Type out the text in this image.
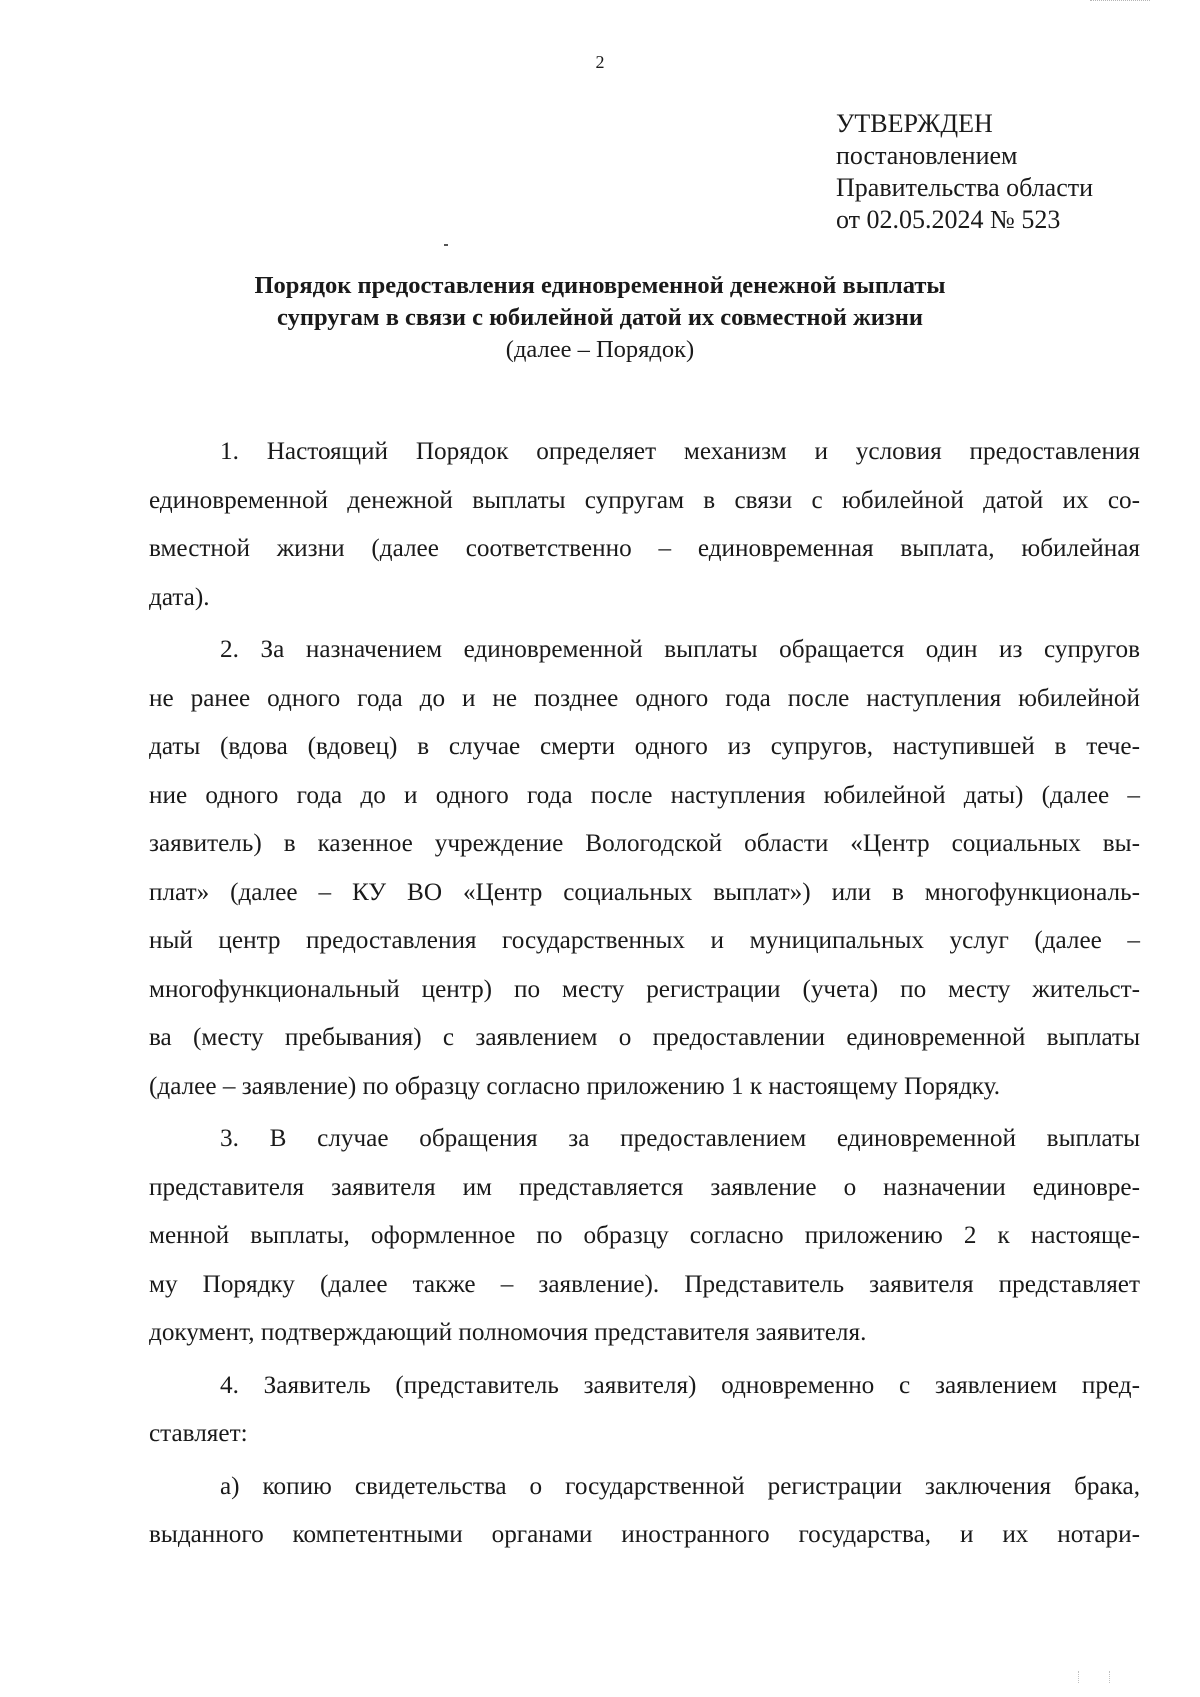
2
УТВЕРЖДЕН
постановлением
Правительства области
от 02.05.2024 № 523
Порядок предоставления единовременной денежной выплаты
супругам в связи с юбилейной датой их совместной жизни
(далее – Порядок)
1. Настоящий Порядок определяет механизм и условия предоставления
единовременной денежной выплаты супругам в связи с юбилейной датой их со-
вместной жизни (далее соответственно – единовременная выплата, юбилейная
дата).
2. За назначением единовременной выплаты обращается один из супругов
не ранее одного года до и не позднее одного года после наступления юбилейной
даты (вдова (вдовец) в случае смерти одного из супругов, наступившей в тече-
ние одного года до и одного года после наступления юбилейной даты) (далее –
заявитель) в казенное учреждение Вологодской области «Центр социальных вы-
плат» (далее – КУ ВО «Центр социальных выплат») или в многофункциональ-
ный центр предоставления государственных и муниципальных услуг (далее –
многофункциональный центр) по месту регистрации (учета) по месту жительст-
ва (месту пребывания) с заявлением о предоставлении единовременной выплаты
(далее – заявление) по образцу согласно приложению 1 к настоящему Порядку.
3. В случае обращения за предоставлением единовременной выплаты
представителя заявителя им представляется заявление о назначении единовре-
менной выплаты, оформленное по образцу согласно приложению 2 к настояще-
му Порядку (далее также – заявление). Представитель заявителя представляет
документ, подтверждающий полномочия представителя заявителя.
4. Заявитель (представитель заявителя) одновременно с заявлением пред-
ставляет:
а) копию свидетельства о государственной регистрации заключения брака,
выданного компетентными органами иностранного государства, и их нотари-
